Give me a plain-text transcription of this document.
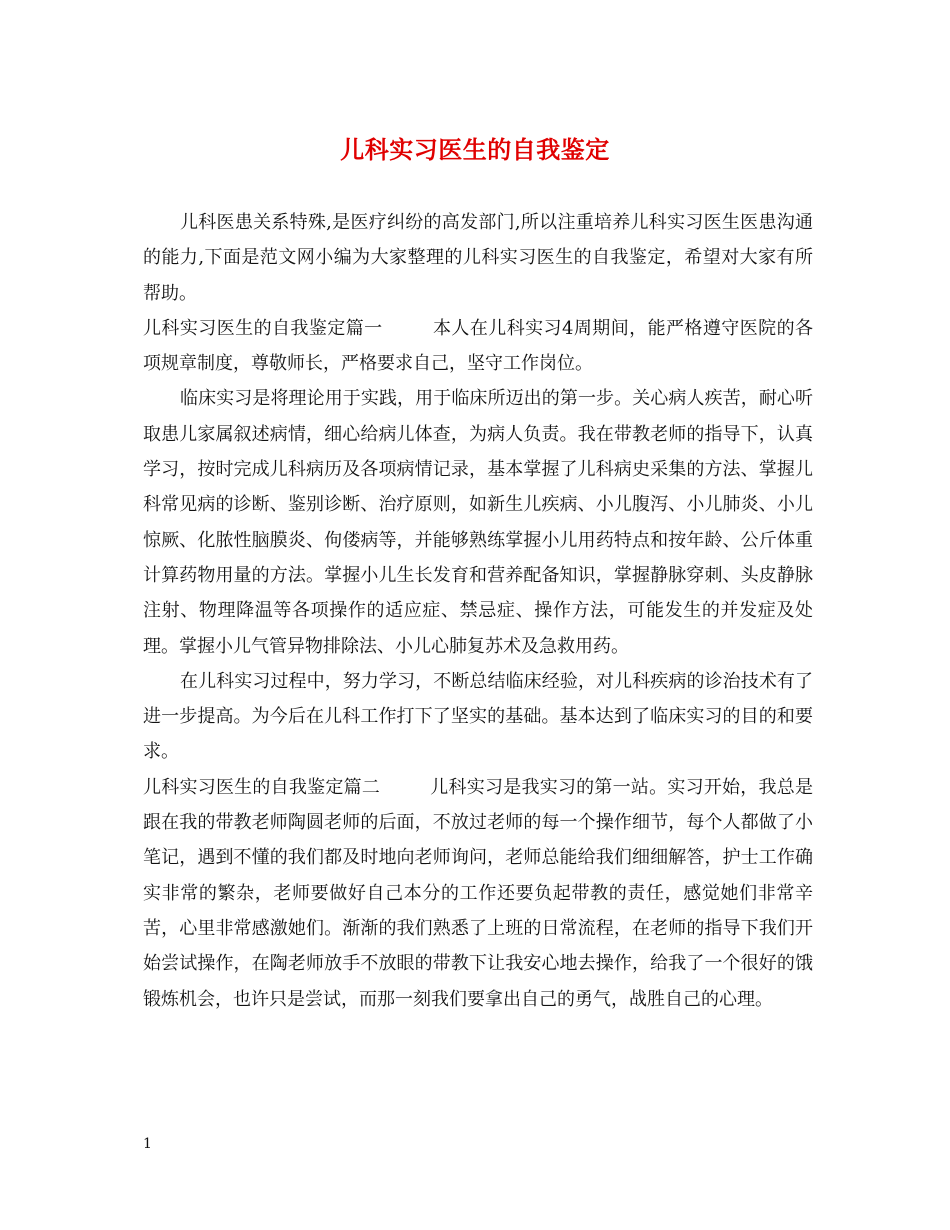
儿科实习医生的自我鉴定

儿科医患关系特殊,是医疗纠纷的高发部门,所以注重培养儿科实习医生医患沟通的能力,下面是范文网小编为大家整理的儿科实习医生的自我鉴定，希望对大家有所帮助。

儿科实习医生的自我鉴定篇一	本人在儿科实习4周期间，能严格遵守医院的各项规章制度，尊敬师长，严格要求自己，坚守工作岗位。

临床实习是将理论用于实践，用于临床所迈出的第一步。关心病人疾苦，耐心听取患儿家属叙述病情，细心给病儿体查，为病人负责。我在带教老师的指导下，认真学习，按时完成儿科病历及各项病情记录，基本掌握了儿科病史采集的方法、掌握儿科常见病的诊断、鉴别诊断、治疗原则，如新生儿疾病、小儿腹泻、小儿肺炎、小儿惊厥、化脓性脑膜炎、佝偻病等，并能够熟练掌握小儿用药特点和按年龄、公斤体重计算药物用量的方法。掌握小儿生长发育和营养配备知识，掌握静脉穿刺、头皮静脉注射、物理降温等各项操作的适应症、禁忌症、操作方法，可能发生的并发症及处理。掌握小儿气管异物排除法、小儿心肺复苏术及急救用药。

在儿科实习过程中，努力学习，不断总结临床经验，对儿科疾病的诊治技术有了进一步提高。为今后在儿科工作打下了坚实的基础。基本达到了临床实习的目的和要求。

儿科实习医生的自我鉴定篇二	儿科实习是我实习的第一站。实习开始，我总是跟在我的带教老师陶圆老师的后面，不放过老师的每一个操作细节，每个人都做了小笔记，遇到不懂的我们都及时地向老师询问，老师总能给我们细细解答，护士工作确实非常的繁杂，老师要做好自己本分的工作还要负起带教的责任，感觉她们非常辛苦，心里非常感激她们。渐渐的我们熟悉了上班的日常流程，在老师的指导下我们开始尝试操作，在陶老师放手不放眼的带教下让我安心地去操作，给我了一个很好的饿锻炼机会，也许只是尝试，而那一刻我们要拿出自己的勇气，战胜自己的心理。

1
